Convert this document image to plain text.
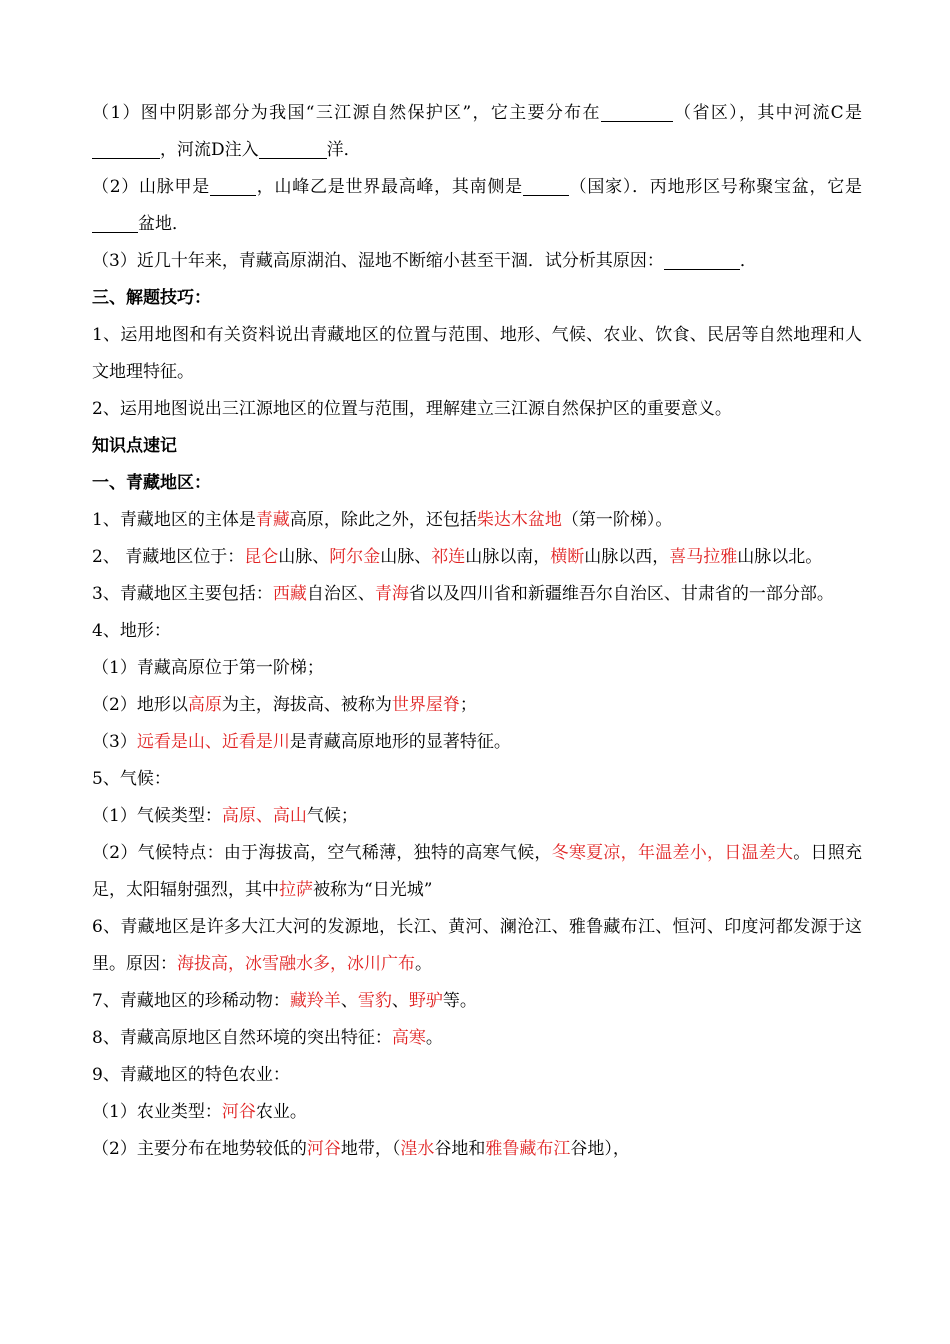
（1）图中阴影部分为我国“三江源自然保护区”，它主要分布在	（省区），其中河流C是，河流D注入	洋．
（2）山脉甲是	，山峰乙是世界最高峰，其南侧是	（国家）．丙地形区号称聚宝盆，它是盆地．
（3）近几十年来，青藏高原湖泊、湿地不断缩小甚至干涸．试分析其原因：	．
三、解题技巧：
1、运用地图和有关资料说出青藏地区的位置与范围、地形、气候、农业、饮食、民居等自然地理和人文地理特征。
2、运用地图说出三江源地区的位置与范围，理解建立三江源自然保护区的重要意义。
知识点速记
一、青藏地区：
1、青藏地区的主体是青藏高原，除此之外，还包括柴达木盆地（第一阶梯）。
2、 青藏地区位于：昆仑山脉、阿尔金山脉、祁连山脉以南，横断山脉以西，喜马拉雅山脉以北。
3、青藏地区主要包括：西藏自治区、青海省以及四川省和新疆维吾尔自治区、甘肃省的一部分部。
4、地形：
（1）青藏高原位于第一阶梯；
（2）地形以高原为主，海拔高、被称为世界屋脊；
（3）远看是山、近看是川是青藏高原地形的显著特征。
5、气候：
（1）气候类型：高原、高山气候；
（2）气候特点：由于海拔高，空气稀薄，独特的高寒气候，冬寒夏凉，年温差小，日温差大。日照充足，太阳辐射强烈，其中拉萨被称为“日光城”
6、青藏地区是许多大江大河的发源地，长江、黄河、澜沧江、雅鲁藏布江、恒河、印度河都发源于这里。原因：海拔高，冰雪融水多，冰川广布。
7、青藏地区的珍稀动物：藏羚羊、雪豹、野驴等。
8、青藏高原地区自然环境的突出特征：高寒。
9、青藏地区的特色农业：
（1）农业类型：河谷农业。
（2）主要分布在地势较低的河谷地带，（湟水谷地和雅鲁藏布江谷地），
